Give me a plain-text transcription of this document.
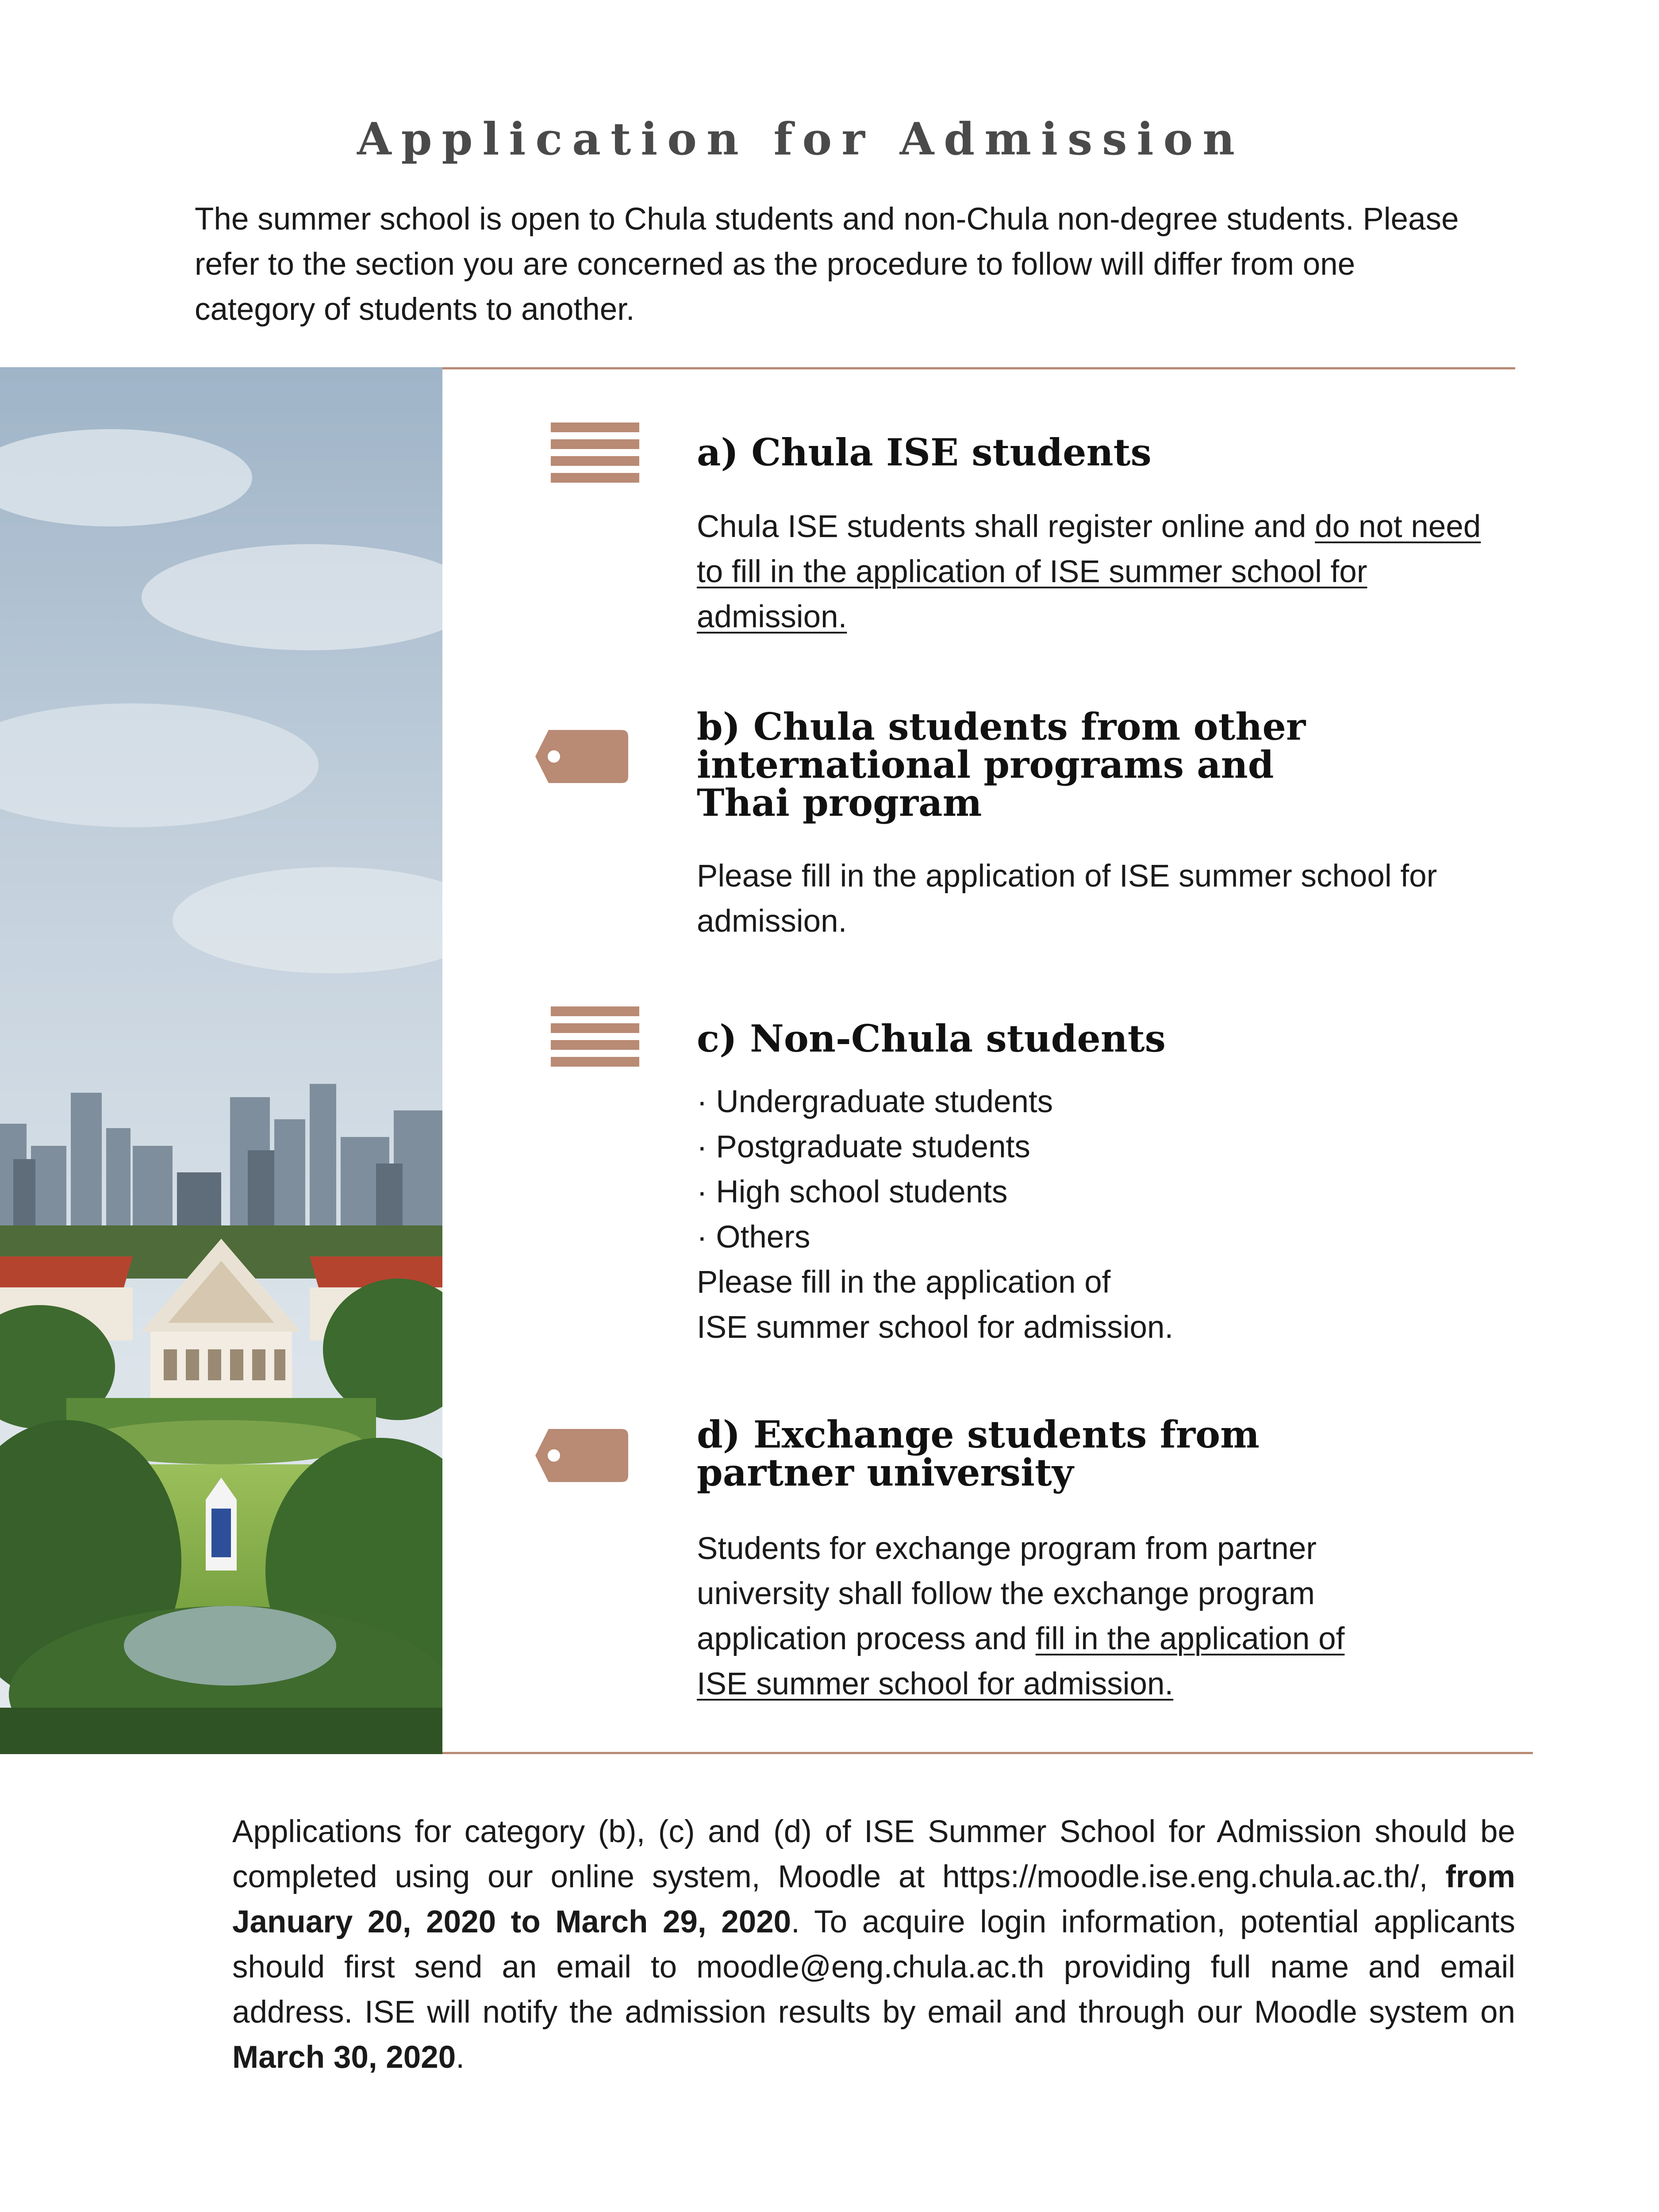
Application for Admission

The summer school is open to Chula students and non-Chula non-degree students. Please refer to the section you are concerned as the procedure to follow will differ from one category of students to another.

a) Chula ISE students

Chula ISE students shall register online and do not need to fill in the application of ISE summer school for admission.

b) Chula students from other
international programs and
Thai program

Please fill in the application of ISE summer school for admission.

c) Non-Chula students
· Undergraduate students
· Postgraduate students
· High school students
· Others
Please fill in the application of
ISE summer school for admission.
d) Exchange students from
partner university

Students for exchange program from partner university shall follow the exchange program application process and fill in the application of ISE summer school for admission.

Applications for category (b), (c) and (d) of ISE Summer School for Admission should be completed using our online system, Moodle at https://moodle.ise.eng.chula.ac.th/, from January 20, 2020 to March 29, 2020. To acquire login information, potential applicants should first send an email to moodle@eng.chula.ac.th providing full name and email address. ISE will notify the admission results by email and through our Moodle system on March 30, 2020.
